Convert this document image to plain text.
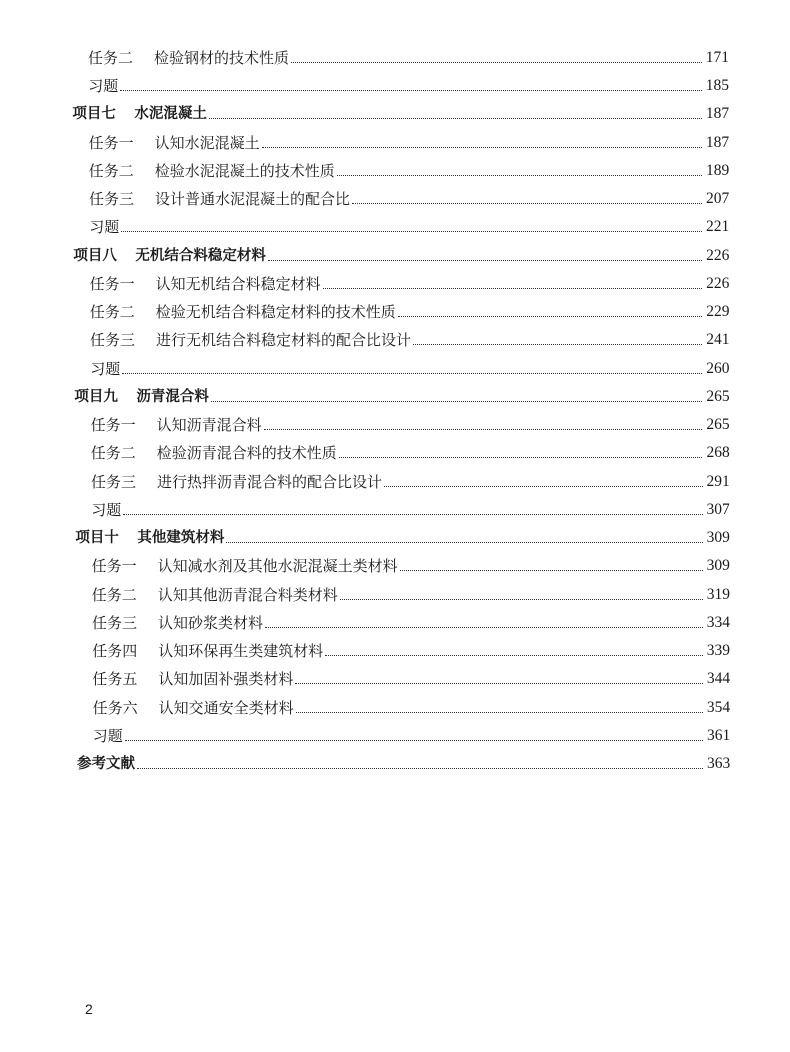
任务二	检验钢材的技术性质	171
习题	185
项目七	水泥混凝土	187
任务一	认知水泥混凝土	187
任务二	检验水泥混凝土的技术性质	189
任务三	设计普通水泥混凝土的配合比	207
习题	221
项目八	无机结合料稳定材料	226
任务一	认知无机结合料稳定材料	226
任务二	检验无机结合料稳定材料的技术性质	229
任务三	进行无机结合料稳定材料的配合比设计	241
习题	260
项目九	沥青混合料	265
任务一	认知沥青混合料	265
任务二	检验沥青混合料的技术性质	268
任务三	进行热拌沥青混合料的配合比设计	291
习题	307
项目十	其他建筑材料	309
任务一	认知减水剂及其他水泥混凝土类材料	309
任务二	认知其他沥青混合料类材料	319
任务三	认知砂浆类材料	334
任务四	认知环保再生类建筑材料	339
任务五	认知加固补强类材料	344
任务六	认知交通安全类材料	354
习题	361
参考文献	363
2
